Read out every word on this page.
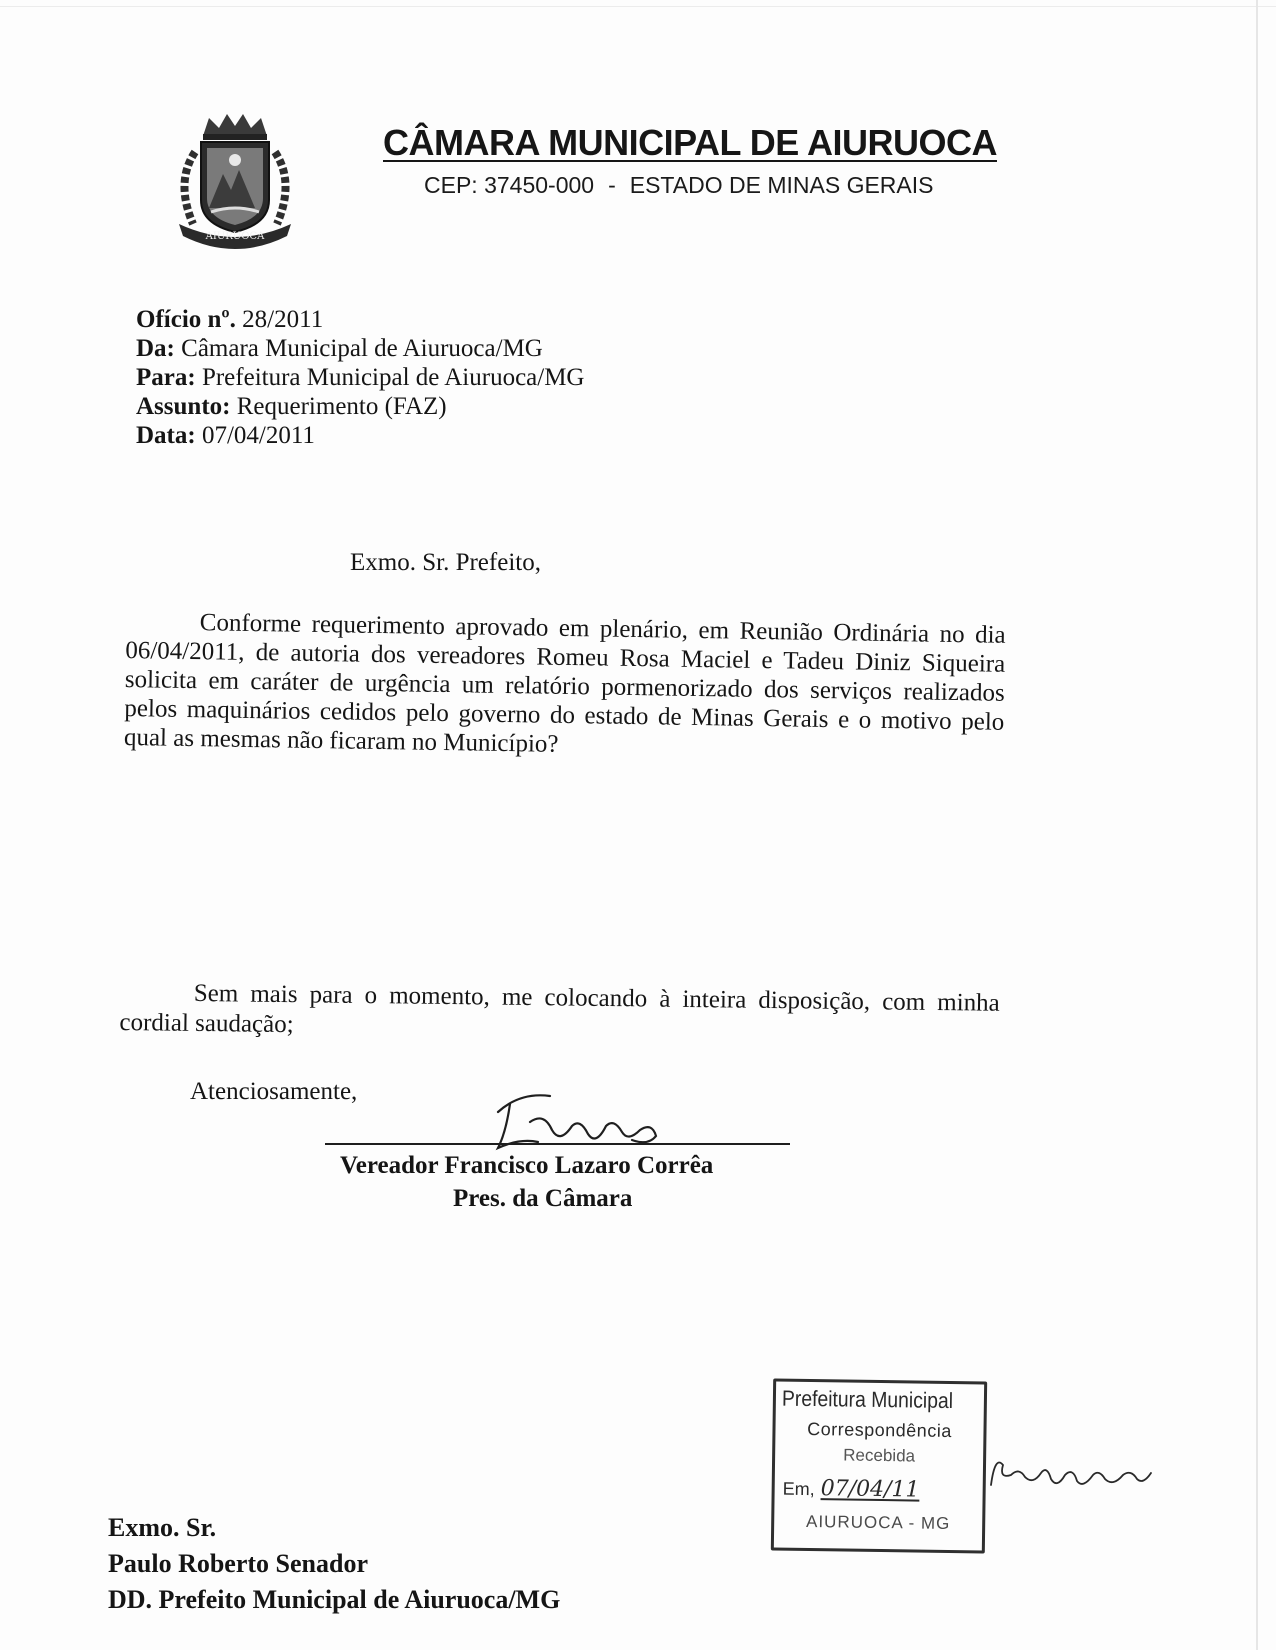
AIURUOCA
CÂMARA MUNICIPAL DE AIURUOCA
CEP: 37450-000 - ESTADO DE MINAS GERAIS
Ofício nº. 28/2011
Da: Câmara Municipal de Aiuruoca/MG
Para: Prefeitura Municipal de Aiuruoca/MG
Assunto: Requerimento (FAZ)
Data: 07/04/2011
Exmo. Sr. Prefeito,
Conforme requerimento aprovado em plenário, em Reunião Ordinária no dia 06/04/2011, de autoria dos vereadores Romeu Rosa Maciel e Tadeu Diniz Siqueira solicita em caráter de urgência um relatório pormenorizado dos serviços realizados pelos maquinários cedidos pelo governo do estado de Minas Gerais e o motivo pelo qual as mesmas não ficaram no Município?
Sem mais para o momento, me colocando à inteira disposição, com minha cordial saudação;
Atenciosamente,
Vereador Francisco Lazaro Corrêa
Pres. da Câmara
Prefeitura Municipal
Correspondência
Recebida
Em, 07/04/11
AIURUOCA - MG
Exmo. Sr.
Paulo Roberto Senador
DD. Prefeito Municipal de Aiuruoca/MG
